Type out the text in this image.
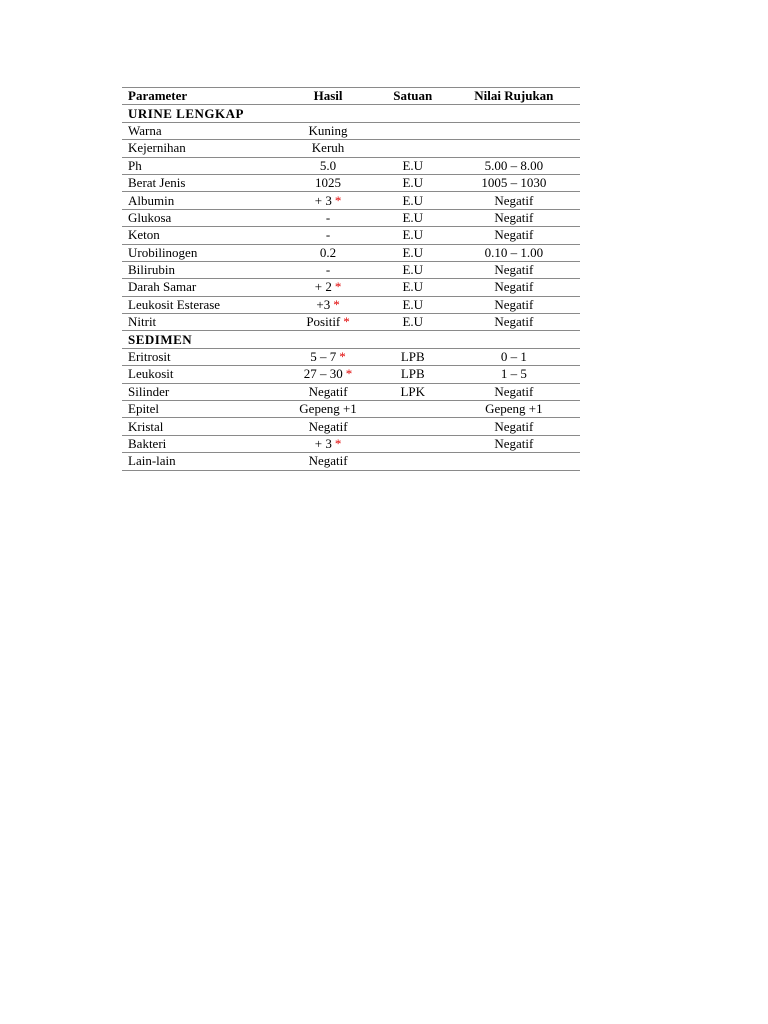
Parameter	Hasil	Satuan	Nilai Rujukan
URINE LENGKAP			
Warna	Kuning		
Kejernihan	Keruh		
Ph	5.0	E.U	5.00 – 8.00
Berat Jenis	1025	E.U	1005 – 1030
Albumin	+ 3 *	E.U	Negatif
Glukosa	-	E.U	Negatif
Keton	-	E.U	Negatif
Urobilinogen	0.2	E.U	0.10 – 1.00
Bilirubin	-	E.U	Negatif
Darah Samar	+ 2 *	E.U	Negatif
Leukosit Esterase	+3 *	E.U	Negatif
Nitrit	Positif *	E.U	Negatif
SEDIMEN			
Eritrosit	5 – 7 *	LPB	0 – 1
Leukosit	27 – 30 *	LPB	1 – 5
Silinder	Negatif	LPK	Negatif
Epitel	Gepeng +1		Gepeng +1
Kristal	Negatif		Negatif
Bakteri	+ 3 *		Negatif
Lain-lain	Negatif		
